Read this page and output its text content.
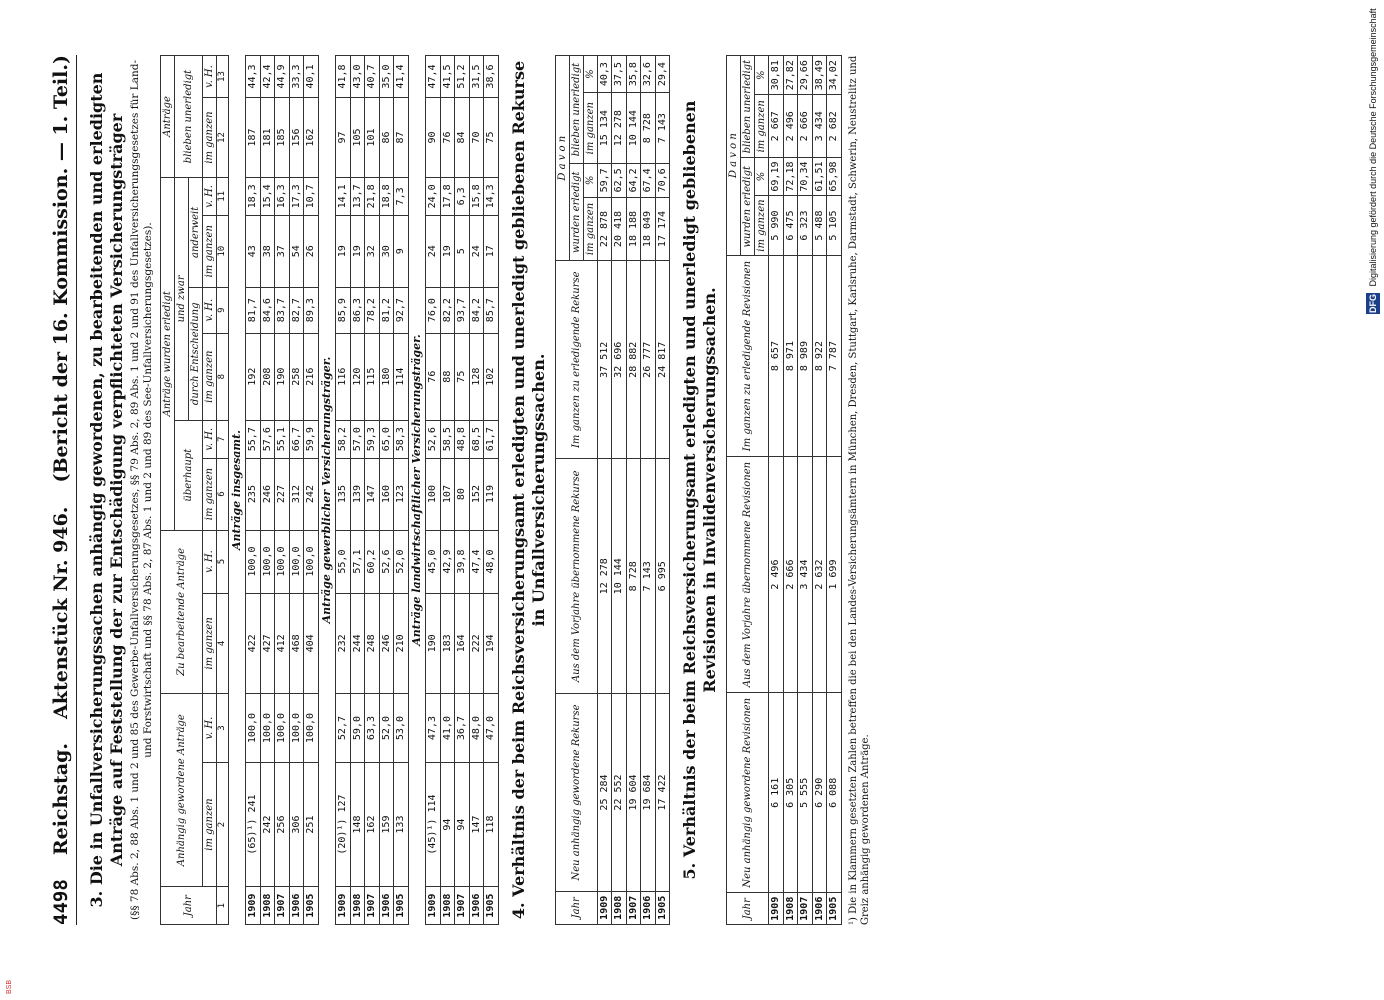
4498
Reichstag.
Aktenstück Nr. 946.
(Bericht der 16. Kommission. — 1. Teil.) 3. Die in Unfallversicherungssachen anhängig gewordenen, zu bearbeitenden und erledigten Anträge auf Feststellung der zur Entschädigung verpflichteten Versicherungsträger (§§ 78 Abs. 2, 88 Abs. 1 und 2 und 85 des Gewerbe-Unfallversicherungsgesetzes, §§ 79 Abs. 2, 89 Abs. 1 und 2 und 91 des Unfallversicherungsgesetzes für Land- und Forstwirtschaft und §§ 78 Abs. 2, 87 Abs. 1 und 2 und 89 des See-Unfallversicherungsgesetzes).
Jahr	Anhängig gewordene Anträge		Zu bearbeitende Anträge		Anträge wurden erledigt						Anträge	
					überhaupt		und zwar				blieben unerledigt	
							durch Entscheidung		anderweit			
	im ganzen	v. H.	im ganzen	v. H.	im ganzen	v. H.	im ganzen	v. H.	im ganzen	v. H.	im ganzen	v. H.
1	2	3	4	5	6	7	8	9	10	11	12	13
Anträge insgesamt.												
1909	(65)¹) 241	100,0	422	100,0	235	55,7	192	81,7	43	18,3	187	44,3
1908	242	100,0	427	100,0	246	57,6	208	84,6	38	15,4	181	42,4
1907	256	100,0	412	100,0	227	55,1	190	83,7	37	16,3	185	44,9
1906	306	100,0	468	100,0	312	66,7	258	82,7	54	17,3	156	33,3
1905	251	100,0	404	100,0	242	59,9	216	89,3	26	10,7	162	40,1
Anträge gewerblicher Versicherungsträger.												
1909	(20)¹) 127	52,7	232	55,0	135	58,2	116	85,9	19	14,1	97	41,8
1908	148	59,0	244	57,1	139	57,0	120	86,3	19	13,7	105	43,0
1907	162	63,3	248	60,2	147	59,3	115	78,2	32	21,8	101	40,7
1906	159	52,0	246	52,6	160	65,0	180	81,2	30	18,8	86	35,0
1905	133	53,0	210	52,0	123	58,3	114	92,7	9	7,3	87	41,4
Anträge landwirtschaftlicher Versicherungsträger.												
1909	(45)¹) 114	47,3	190	45,0	100	52,6	76	76,0	24	24,0	90	47,4
1908	94	41,0	183	42,9	107	58,5	88	82,2	19	17,8	76	41,5
1907	94	36,7	164	39,8	80	48,8	75	93,7	5	6,3	84	51,2
1906	147	48,0	222	47,4	152	68,5	128	84,2	24	15,8	70	31,5
1905	118	47,0	194	48,0	119	61,7	102	85,7	17	14,3	75	38,6 4. Verhältnis der beim Reichsversicherungsamt erledigten und unerledigt gebliebenen Rekurse in Unfallversicherungssachen.
Jahr	Neu anhängig gewordene Rekurse	Aus dem Vorjahre übernommene Rekurse	Im ganzen zu erledigende Rekurse	D a v o n			
				wurden erledigt		blieben unerledigt	
				im ganzen	%	im ganzen	%
1909	25 284	12 278	37 512	22 878	59,7	15 134	40,3
1908	22 552	10 144	32 696	20 418	62,5	12 278	37,5
1907	19 604	8 728	28 882	18 188	64,2	10 144	35,8
1906	19 684	7 143	26 777	18 049	67,4	8 728	32,6
1905	17 422	6 995	24 817	17 174	70,6	7 143	29,4
5. Verhältnis der beim Reichsversicherungsamt erledigten und unerledigt gebliebenen Revisionen in Invalidenversicherungssachen.
Jahr	Neu anhängig gewordene Revisionen	Aus dem Vorjahre übernommene Revisionen	Im ganzen zu erledigende Revisionen	D a v o n			
				wurden erledigt		blieben unerledigt	
				im ganzen	%	im ganzen	%
1909	6 161	2 496	8 657	5 990	69,19	2 667	30,81
1908	6 305	2 666	8 971	6 475	72,18	2 496	27,82
1907	5 555	3 434	8 989	6 323	70,34	2 666	29,66
1906	6 290	2 632	8 922	5 488	61,51	3 434	38,49
1905	6 088	1 699	7 787	5 105	65,98	2 682	34,02 ¹) Die in Klammern gesetzten Zahlen betreffen die bei den Landes-Versicherungsämtern in München, Dresden, Stuttgart, Karlsruhe, Darmstadt, Schwerin, Neustrelitz und Greiz anhängig gewordenen Anträge.
DFG Digitalisierung gefördert durch die Deutsche Forschungsgemeinschaft
BSB
